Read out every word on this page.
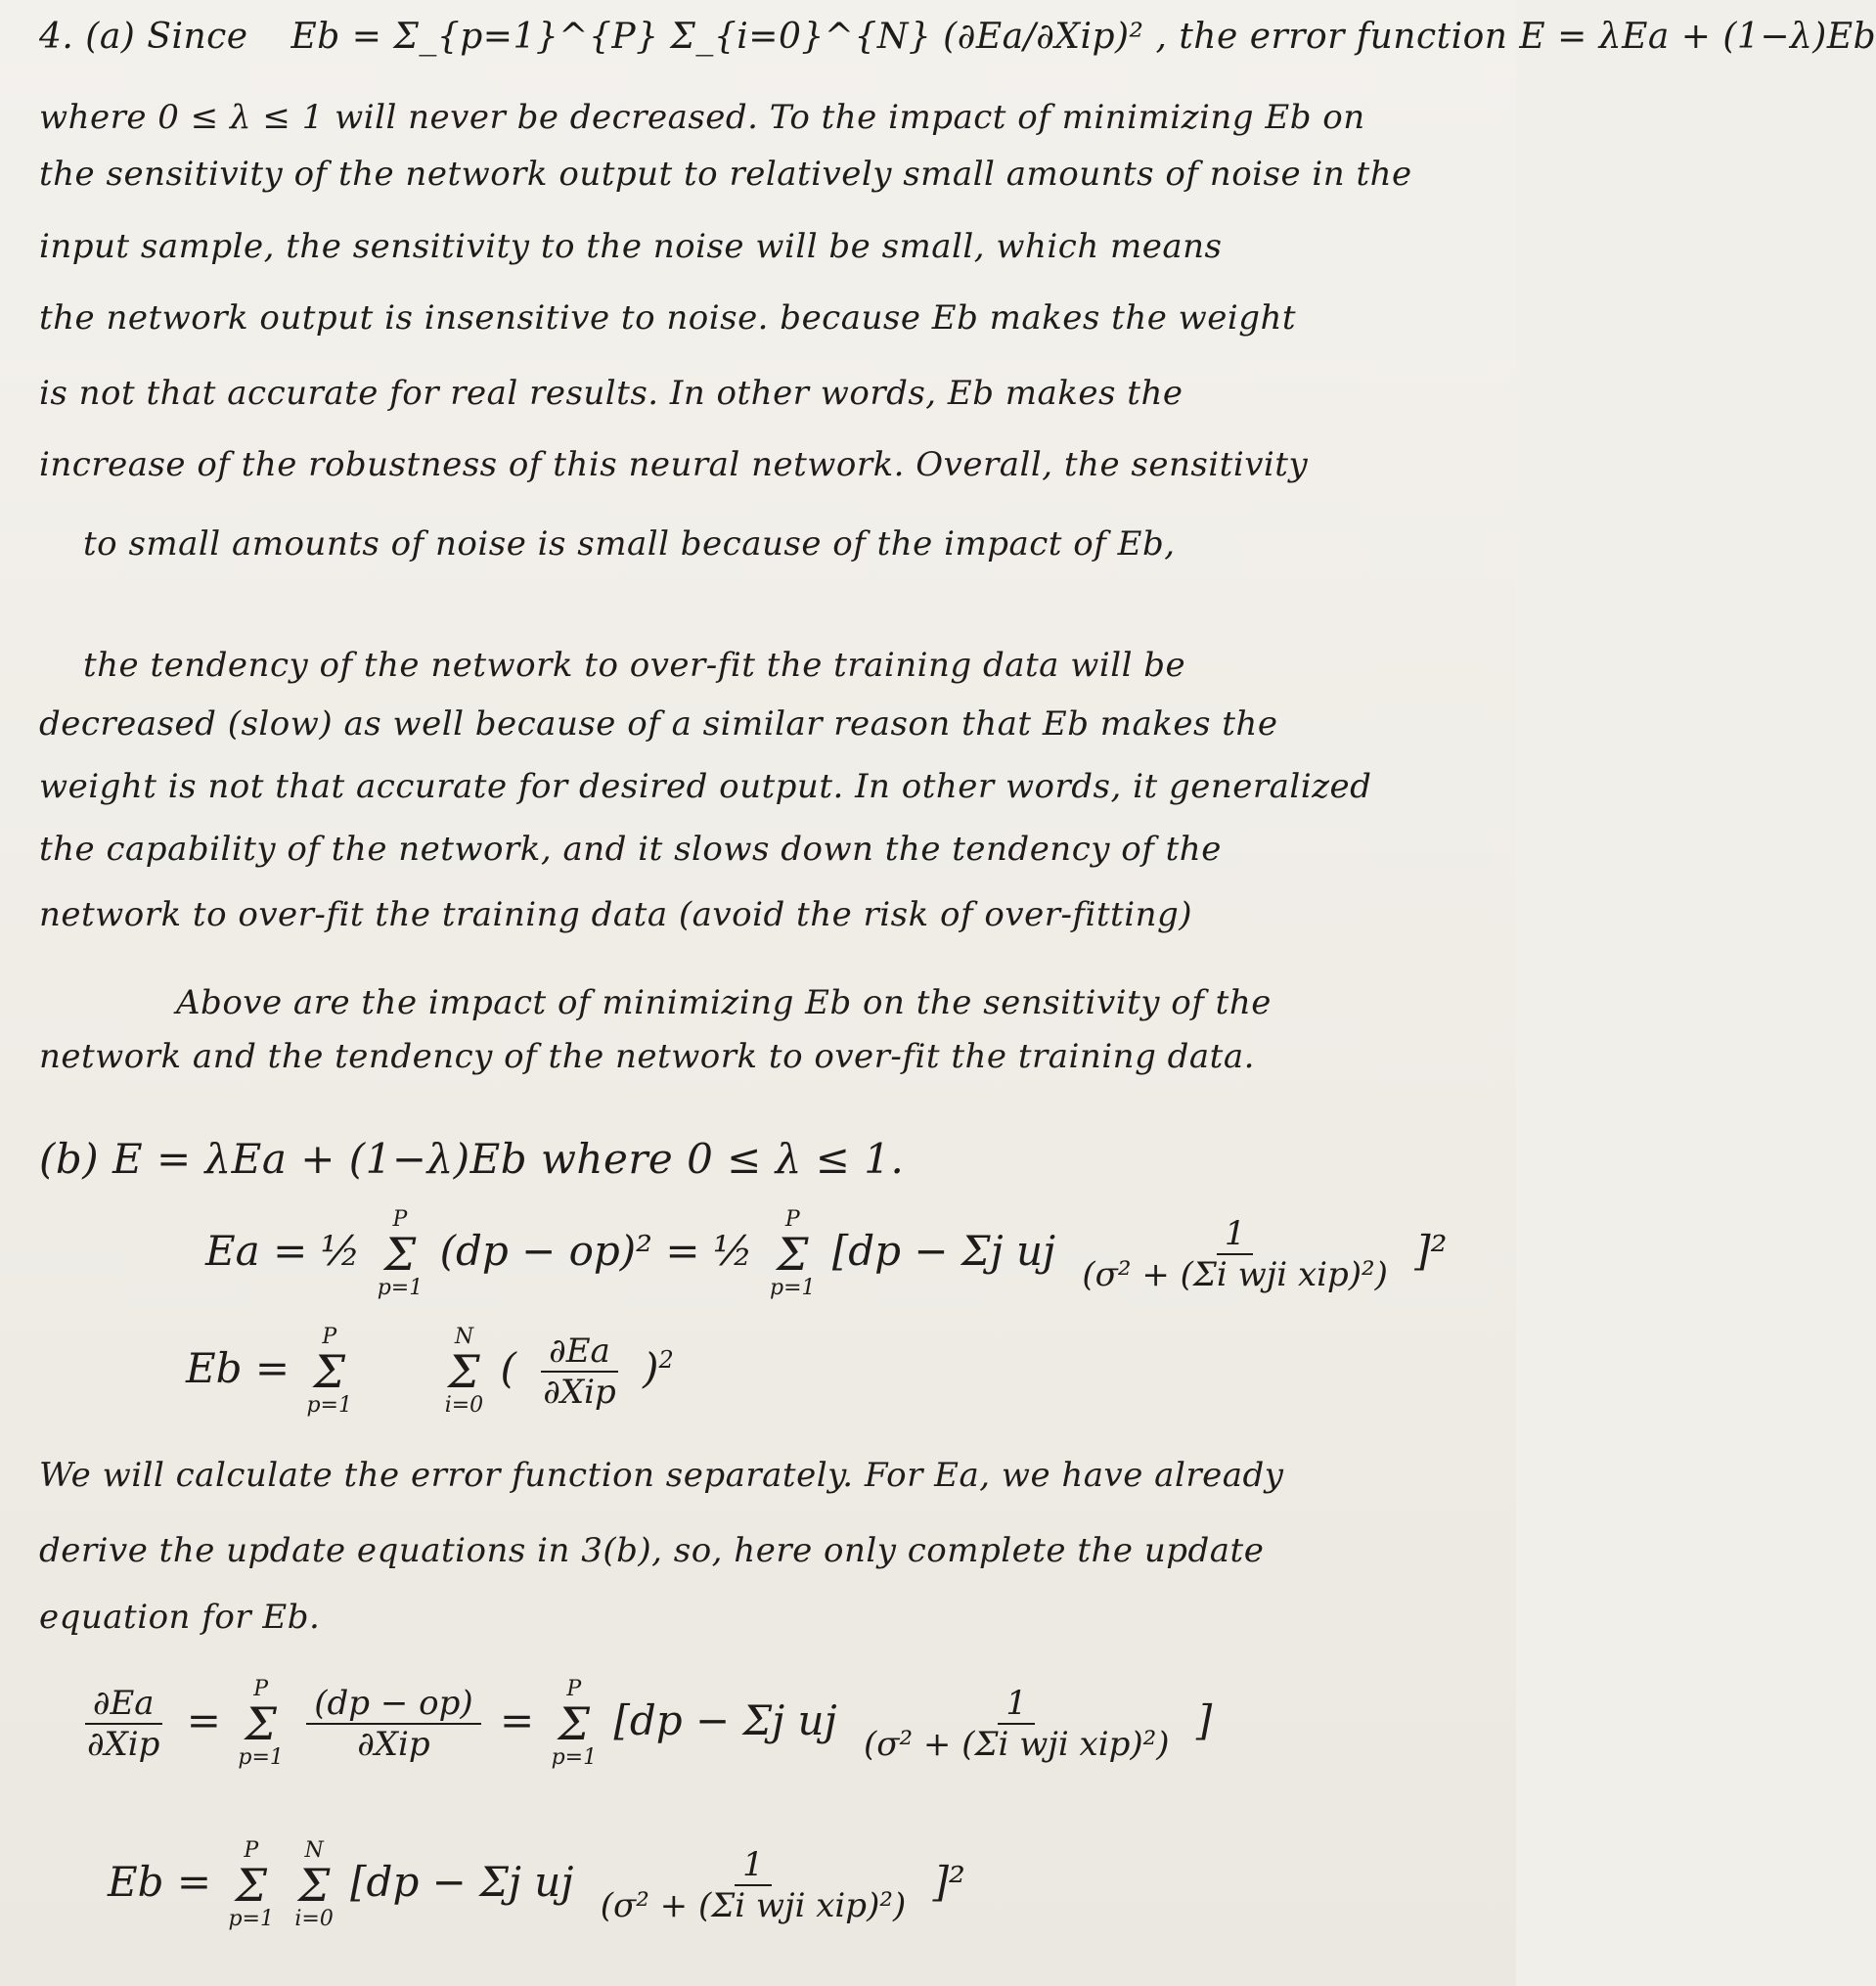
4. (a) Since Eb = Σ_{p=1}^{P} Σ_{i=0}^{N} (∂Ea/∂Xip)² , the error function E = λEa + (1−λ)Eb
where 0 ≤ λ ≤ 1 will never be decreased. To the impact of minimizing Eb on
the sensitivity of the network output to relatively small amounts of noise in the
input sample, the sensitivity to the noise will be small, which means
the network output is insensitive to noise. because Eb makes the weight
is not that accurate for real results. In other words, Eb makes the
increase of the robustness of this neural network. Overall, the sensitivity
to small amounts of noise is small because of the impact of Eb,
the tendency of the network to over-fit the training data will be
decreased (slow) as well because of a similar reason that Eb makes the
weight is not that accurate for desired output. In other words, it generalized
the capability of the network, and it slows down the tendency of the
network to over-fit the training data (avoid the risk of over-fitting)
Above are the impact of minimizing Eb on the sensitivity of the
network and the tendency of the network to over-fit the training data.
(b) E = λEa + (1−λ)Eb where 0 ≤ λ ≤ 1.
Ea = ½
P
Σ
p=1
(dp − op)² = ½
P
Σ
p=1
[dp − Σj uj $\frac{1}{\text{(σ² + (Σi wji xip)²)}} ]^2$
Eb =
P
Σ
p=1

N
Σ
i=0
( $\frac{\partial Ea}{\text{∂Xip}} )^2$
We will calculate the error function separately. For Ea, we have already
derive the update equations in 3(b), so, here only complete the update
equation for Eb.
$\frac{\partial Ea}{\text{∂Xip}}$ =
P
Σ
p=1
$\frac{(dp - op)}{\text{∂Xip}}$ =
P
Σ
p=1
[dp − Σj uj $\frac{1}{\text{(σ² + (Σi wji xip)²)}}$ ]
Eb =
P
Σ
p=1

N
Σ
i=0
[dp − Σj uj $\frac{1}{\text{(σ² + (Σi wji xip)²)}} ]^2$
